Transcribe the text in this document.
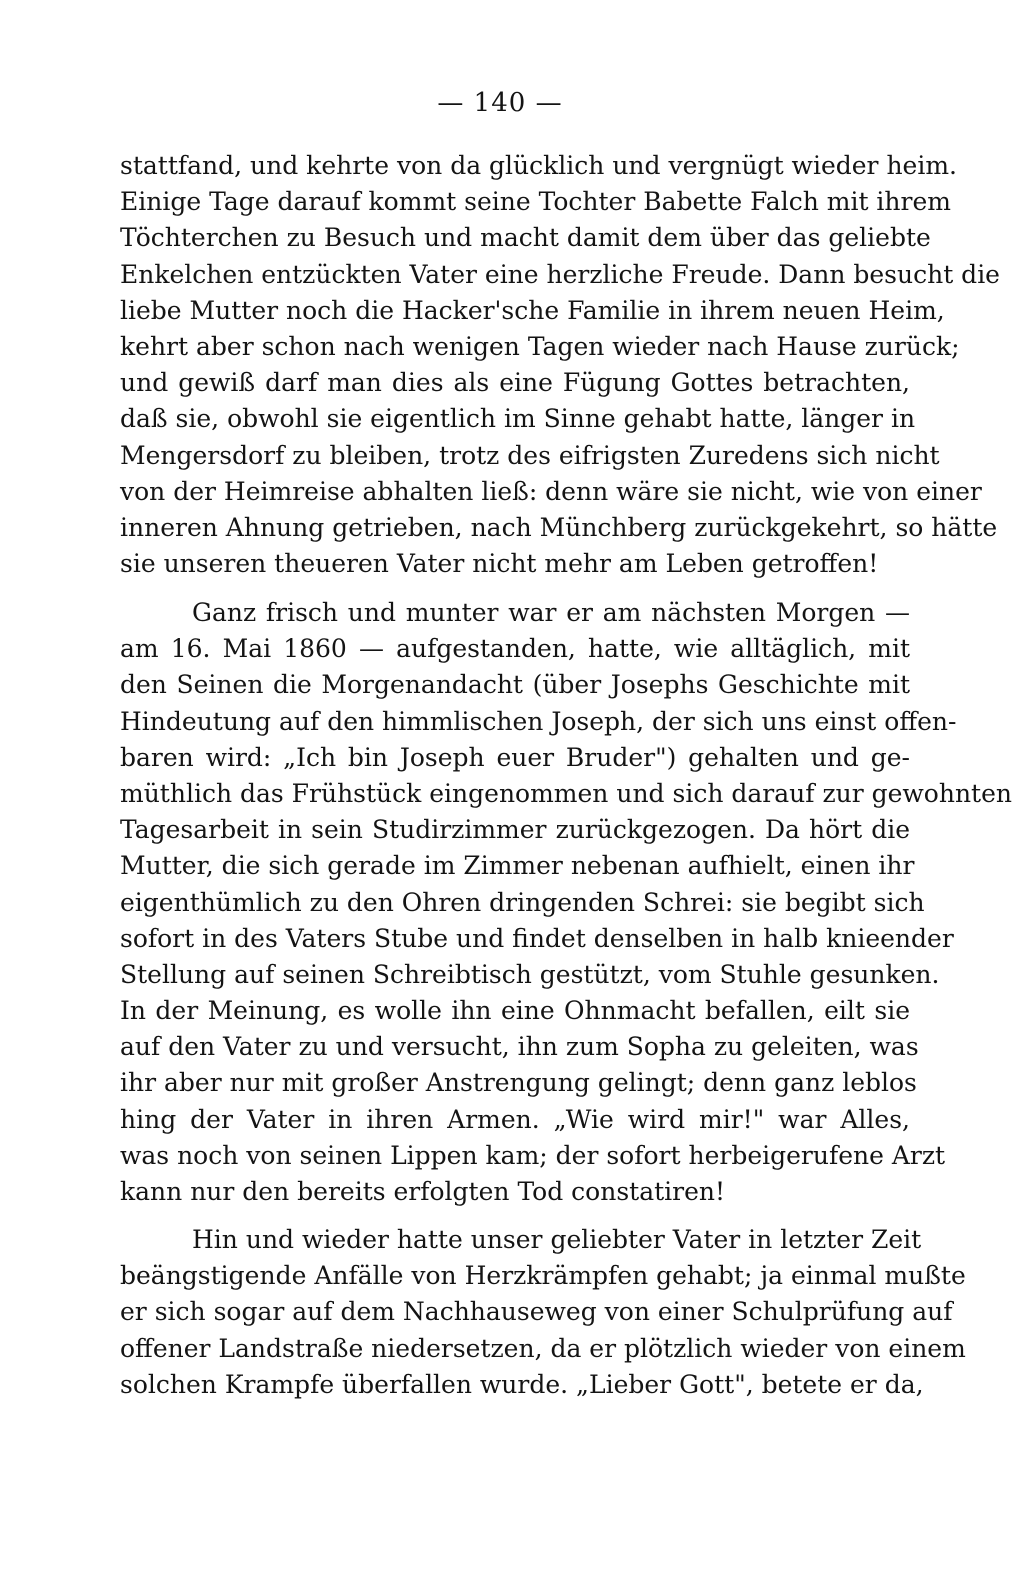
— 140 —
stattfand, und kehrte von da glücklich und vergnügt wieder heim.
Einige Tage darauf kommt seine Tochter Babette Falch mit ihrem
Töchterchen zu Besuch und macht damit dem über das geliebte
Enkelchen entzückten Vater eine herzliche Freude. Dann besucht die
liebe Mutter noch die Hacker'sche Familie in ihrem neuen Heim,
kehrt aber schon nach wenigen Tagen wieder nach Hause zurück;
und gewiß darf man dies als eine Fügung Gottes betrachten,
daß sie, obwohl sie eigentlich im Sinne gehabt hatte, länger in
Mengersdorf zu bleiben, trotz des eifrigsten Zuredens sich nicht
von der Heimreise abhalten ließ: denn wäre sie nicht, wie von einer
inneren Ahnung getrieben, nach Münchberg zurückgekehrt, so hätte
sie unseren theueren Vater nicht mehr am Leben getroffen!
Ganz frisch und munter war er am nächsten Morgen —
am 16. Mai 1860 — aufgestanden, hatte, wie alltäglich, mit
den Seinen die Morgenandacht (über Josephs Geschichte mit
Hindeutung auf den himmlischen Joseph, der sich uns einst offen-
baren wird: „Ich bin Joseph euer Bruder") gehalten und ge-
müthlich das Frühstück eingenommen und sich darauf zur gewohnten
Tagesarbeit in sein Studirzimmer zurückgezogen. Da hört die
Mutter, die sich gerade im Zimmer nebenan aufhielt, einen ihr
eigenthümlich zu den Ohren dringenden Schrei: sie begibt sich
sofort in des Vaters Stube und findet denselben in halb knieender
Stellung auf seinen Schreibtisch gestützt, vom Stuhle gesunken.
In der Meinung, es wolle ihn eine Ohnmacht befallen, eilt sie
auf den Vater zu und versucht, ihn zum Sopha zu geleiten, was
ihr aber nur mit großer Anstrengung gelingt; denn ganz leblos
hing der Vater in ihren Armen. „Wie wird mir!" war Alles,
was noch von seinen Lippen kam; der sofort herbeigerufene Arzt
kann nur den bereits erfolgten Tod constatiren!
Hin und wieder hatte unser geliebter Vater in letzter Zeit
beängstigende Anfälle von Herzkrämpfen gehabt; ja einmal mußte
er sich sogar auf dem Nachhauseweg von einer Schulprüfung auf
offener Landstraße niedersetzen, da er plötzlich wieder von einem
solchen Krampfe überfallen wurde. „Lieber Gott", betete er da,
